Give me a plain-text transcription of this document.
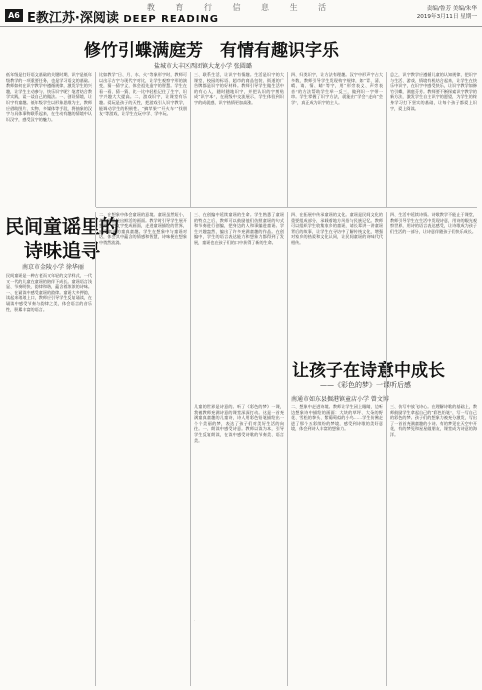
教 育 行 信 息 生 活
A6 E教江苏·深阅读 DEEP READING
责编/鲁芳 美编/朱华
2019年3月11日 星期一
修竹引蝶满庭芳　有情有趣识字乐
盐城市大丰区西团镇大龙小学 张圆璐
低年级是打好语文基础的关键时期，识字是低年级教学的一项重要任务，也是学习语文的基础。教师如何在识字教学中遵循规律，激发学生的兴趣，让学生主动参与、快乐识字呢？笔者结合教学实践，谈一谈自己的做法。一、创设情境，让识字有童趣。低年级学生以形象思维为主，教师应借助图片、实物、多媒体等手段，将抽象的汉字与具体事物联系起来，在生动有趣的情境中认识汉字，感受汉字的魅力。
比如教学“日、月、水、火”等象形字时，教师可以出示古字与现代字对比，让学生观察字形的演变，猜一猜字义，体会祖先造字的智慧。学生在看一看、猜一猜、比一比中轻松记住了生字，识字兴趣大大提高。二、游戏识字，让课堂有乐趣。爱玩是孩子的天性，把游戏引入识字教学，能调动学生的积极性。“摘苹果”“开火车”“找朋友”等游戏，让学生在玩中学、学中玩。
三、联系生活，让识字有情趣。生活是识字的大课堂，校园的标语、超市的商品包装、街道的广告牌都是识字的好材料。教师引导学生做生活中的有心人，随时随地识字，并把认识的字剪贴成“识字本”，在班级中交流展示，学生体验到识字的成就感，识字热情更加高涨。
四、归类识字，让方法有理趣。汉字中形声字占大多数，教师引导学生发现构字规律，如“青、清、晴、请、情、睛”等字，用“形旁表义、声旁表音”的方法帮助学生举一反三，做到识一字带一串。学生掌握了识字方法，就能由“学会”走向“会学”，真正成为识字的主人。
总之，识字教学应遵循儿童的认知规律，把识字与生活、游戏、情境有机结合起来，让学生在快乐中识字，在识字中感受快乐，让识字教学如修竹引蝶，满庭芬芳。教师要不断探索识字教学的新方法，激发学生自主识字的愿望，为学生的终身学习打下坚实的基础，让每个孩子都爱上识字，爱上阅读。
民间童谣里的
诗味追寻
南京市金陵小学 徐华丽
民间童谣是一种古老而又年轻的文学样式，一代又一代的儿童在童谣的陪伴下成长。童谣语言浅显、节奏明快、韵律和谐，蕴含着浓浓的诗味。一、在诵读中感受童谣的韵律。童谣大多押韵，读起来琅琅上口，教师应引导学生反复诵读，在诵读中感受节奏与韵律之美，体会语言的音乐性，积累丰富的语言。
二、在想象中体会童谣的意境。童谣虽然短小，却往往描绘出鲜活的画面。教学时引导学生展开想象，把文字变成画面，走进童谣描绘的世界，感受童谣的童真童趣。学生在想象中与童谣对话，体会其中蕴含的情感和智慧，诗味便在想象中悄然流淌。
三、在创编中延续童谣的生命。学生熟悉了童谣的特点之后，教师可以鼓励他们仿照童谣的句式和节奏进行创编，把身边的人和事编进童谣。学生兴趣盎然，编出了许多充满童趣的作品。在创编中，学生的语言表达能力和想象力都得到了发展，童谣也在孩子们的口中获得了新的生命。
四、在拓展中传承童谣的文化。童谣是民间文化的重要组成部分，承载着地方风俗与民族记忆。教师可以组织学生收集家乡的童谣，请长辈讲一讲童谣背后的故事，让学生在寻访中了解传统文化，增强对家乡的热爱和文化认同，让民间童谣的诗味代代相传。
让孩子在诗意中成长
——《彩色的梦》一课听后感
南通市如东县掘港镇童店小学 曾文博
儿童的世界是诗意的。听了《彩色的梦》一课，我被教师充满诗意的课堂深深打动。这是一首充满童真童趣的儿童诗，诗人用彩色铅笔描绘出一个个美丽的梦，表达了孩子们对美好生活的向往。一、朗读中感受诗意。教师以读为本，引导学生反复朗读，在读中感受诗歌的节奏美、语言美。
二、想象中走进诗境。教师让学生闭上眼睛，边听边想象诗中描绘的画面：大块的草坪、大朵的野花、雪松的拳头、紫葡萄似的小鸟……学生仿佛走进了那个五彩缤纷的梦境，感受到诗歌的美好意境，体会到诗人丰富的想象力。
三、仿写中放飞诗心。在理解诗歌的基础上，教师鼓励学生拿起自己的“彩色铅笔”，写一写自己的彩色的梦。孩子们的想象力被充分激发，写出了一首首充满童趣的小诗。有的梦见在天空中开花，有的梦见和星星做朋友，课堂成为诗意的海洋。
四、生活中延续诗情。诗歌教学不能止于课堂，教师引导学生在生活中发现诗意，用诗的眼光观察世界，用诗的语言表达感受，让诗歌成为孩子们生活的一部分，让诗意伴随孩子们快乐成长。
